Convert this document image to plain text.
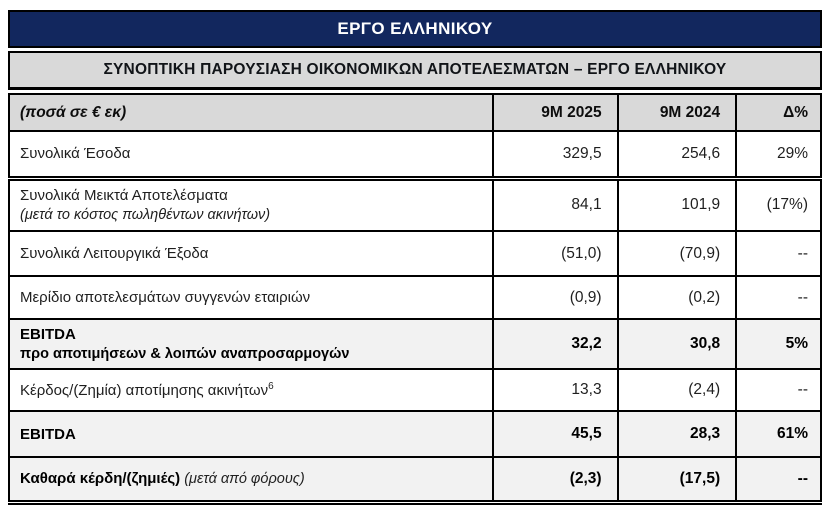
ΕΡΓΟ ΕΛΛΗΝΙΚΟΥ
ΣΥΝΟΠΤΙΚΗ ΠΑΡΟΥΣΙΑΣΗ ΟΙΚΟΝΟΜΙΚΩΝ ΑΠΟΤΕΛΕΣΜΑΤΩΝ – ΕΡΓΟ ΕΛΛΗΝΙΚΟΥ
(ποσά σε € εκ)	9M 2025	9M 2024	Δ%
Συνολικά Έσοδα	329,5	254,6	29%
Συνολικά Μεικτά Αποτελέσματα
(μετά το κόστος πωληθέντων ακινήτων)	84,1	101,9	(17%)
Συνολικά Λειτουργικά Έξοδα	(51,0)	(70,9)	--
Μερίδιο αποτελεσμάτων συγγενών εταιριών	(0,9)	(0,2)	--
EBITDA
προ αποτιμήσεων & λοιπών αναπροσαρμογών	32,2	30,8	5%
Κέρδος/(Ζημία) αποτίμησης ακινήτων$^6$	13,3	(2,4)	--
EBITDA	45,5	28,3	61%
Καθαρά κέρδη/(ζημιές) (μετά από φόρους)	(2,3)	(17,5)	--
